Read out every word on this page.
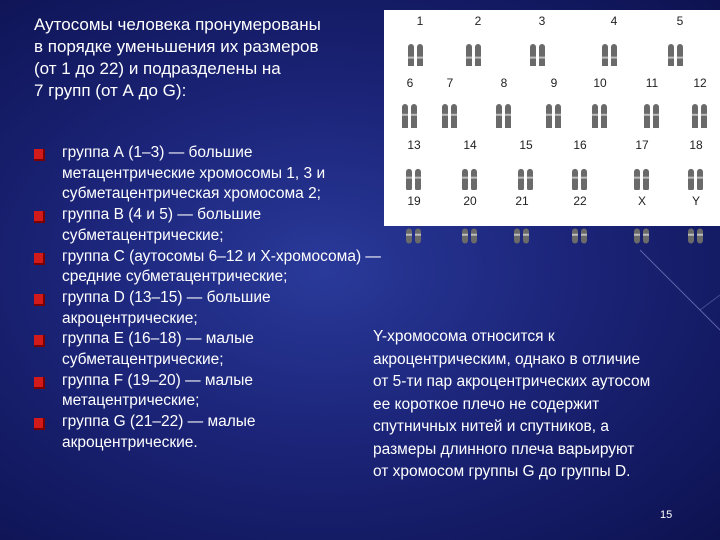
Аутосомы человека пронумерованы
в порядке уменьшения их размеров
(от 1 до 22) и подразделены на
7 групп (от А до G):
1	2	3	4	5
6	7	8	9	10	11	12
13	14	15	16	17	18
19	20	21	22	X	Y
группа А (1–3) — большие
метацентрические хромосомы 1, 3 и
субметацентрическая хромосома 2;
группа В (4 и 5) — большие
субметацентрические;
группа С (аутосомы 6–12 и Х-хромосома) —
средние субметацентрические;
группа D (13–15) — большие
акроцентрические;
группа Е (16–18) — малые
субметацентрические;
группа F (19–20) — малые
метацентрические;
группа G (21–22) — малые
акроцентрические.
Y-хромосома относится к
акроцентрическим, однако в отличие
от 5-ти пар акроцентрических аутосом
ее короткое плечо не содержит
спутничных нитей и спутников, а
размеры длинного плеча варьируют
от хромосом группы G до группы D.
15
